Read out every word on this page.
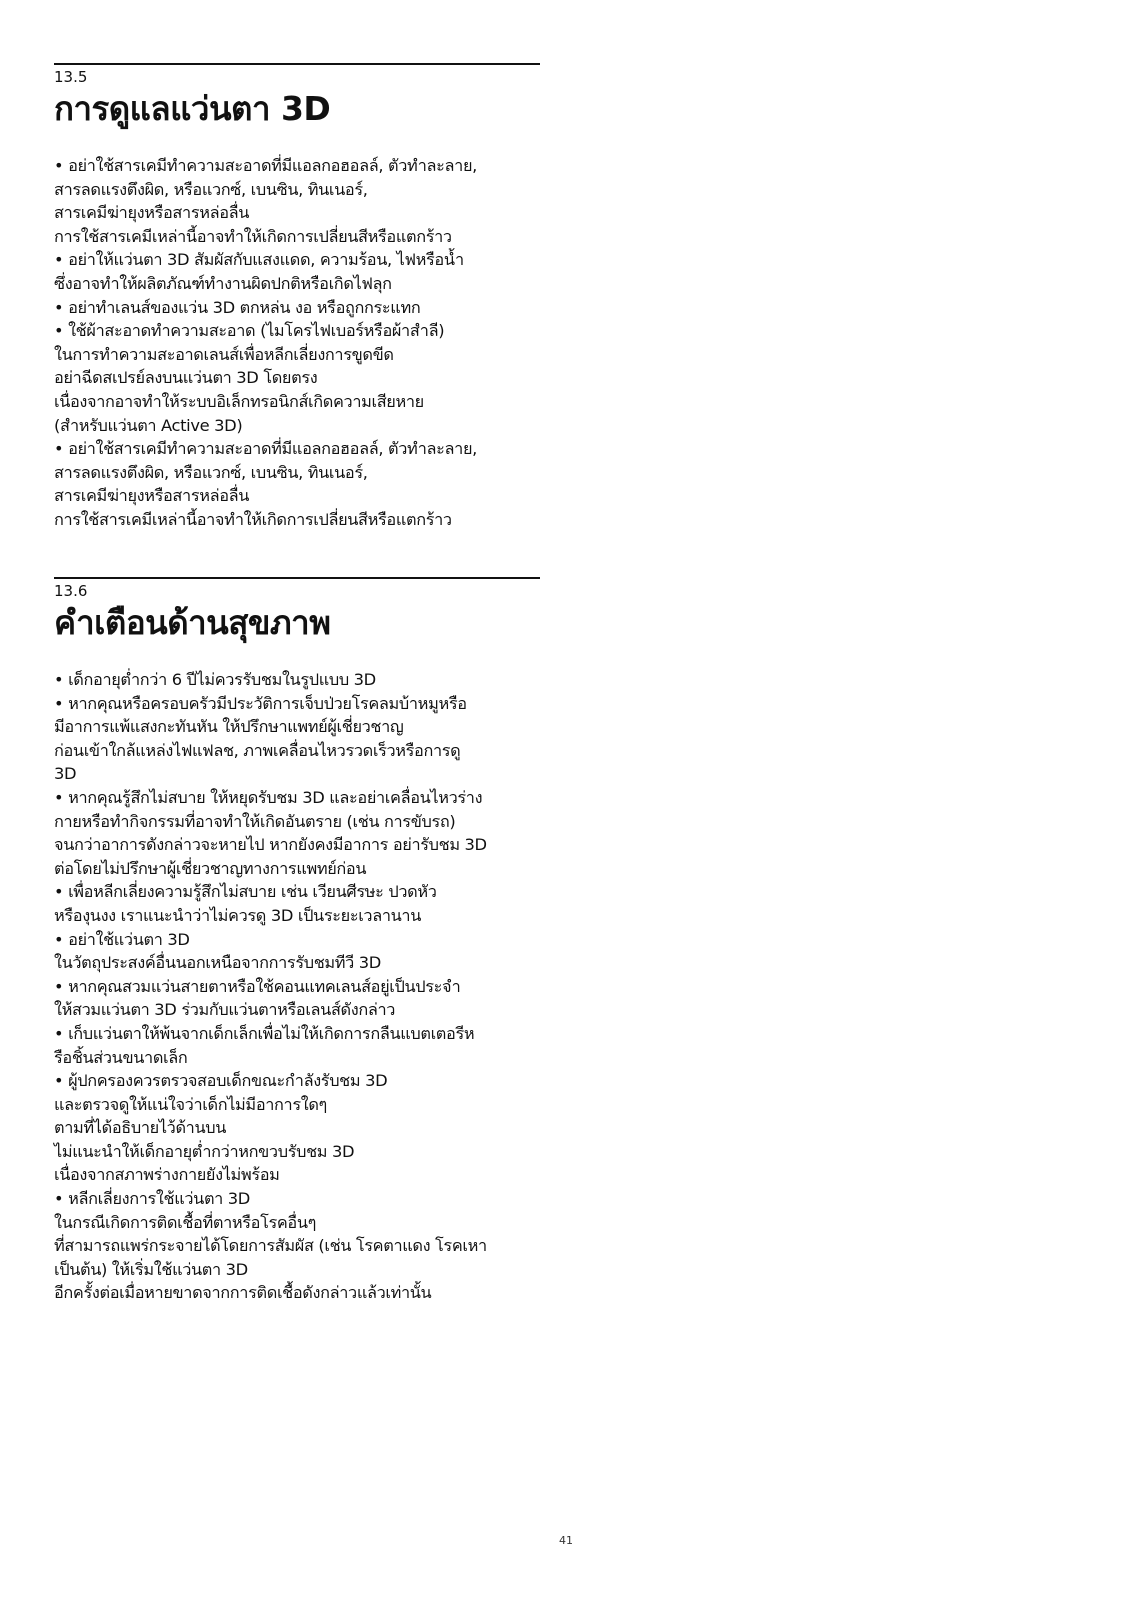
13.5
การดูแลแว่นตา 3D
• อย่าใช้สารเคมีทำความสะอาดที่มีแอลกอฮอลล์, ตัวทำละลาย,
สารลดแรงตึงผิด, หรือแวกซ์, เบนซิน, ทินเนอร์,
สารเคมีฆ่ายุงหรือสารหล่อลื่น
การใช้สารเคมีเหล่านี้อาจทำให้เกิดการเปลี่ยนสีหรือแตกร้าว
• อย่าให้แว่นตา 3D สัมผัสกับแสงแดด, ความร้อน, ไฟหรือน้ำ
ซึ่งอาจทำให้ผลิตภัณฑ์ทำงานผิดปกติหรือเกิดไฟลุก
• อย่าทำเลนส์ของแว่น 3D ตกหล่น งอ หรือถูกกระแทก
• ใช้ผ้าสะอาดทำความสะอาด (ไมโครไฟเบอร์หรือผ้าสำลี)
ในการทำความสะอาดเลนส์เพื่อหลีกเลี่ยงการขูดขีด
อย่าฉีดสเปรย์ลงบนแว่นตา 3D โดยตรง
เนื่องจากอาจทำให้ระบบอิเล็กทรอนิกส์เกิดความเสียหาย
(สำหรับแว่นตา Active 3D)
• อย่าใช้สารเคมีทำความสะอาดที่มีแอลกอฮอลล์, ตัวทำละลาย,
สารลดแรงตึงผิด, หรือแวกซ์, เบนซิน, ทินเนอร์,
สารเคมีฆ่ายุงหรือสารหล่อลื่น
การใช้สารเคมีเหล่านี้อาจทำให้เกิดการเปลี่ยนสีหรือแตกร้าว
13.6
คำเตือนด้านสุขภาพ
• เด็กอายุต่ำกว่า 6 ปีไม่ควรรับชมในรูปแบบ 3D
• หากคุณหรือครอบครัวมีประวัติการเจ็บป่วยโรคลมบ้าหมูหรือ
มีอาการแพ้แสงกะทันหัน ให้ปรึกษาแพทย์ผู้เชี่ยวชาญ
ก่อนเข้าใกล้แหล่งไฟแฟลช, ภาพเคลื่อนไหวรวดเร็วหรือการดู
3D
• หากคุณรู้สึกไม่สบาย ให้หยุดรับชม 3D และอย่าเคลื่อนไหวร่าง
กายหรือทำกิจกรรมที่อาจทำให้เกิดอันตราย (เช่น การขับรถ)
จนกว่าอาการดังกล่าวจะหายไป หากยังคงมีอาการ อย่ารับชม 3D
ต่อโดยไม่ปรึกษาผู้เชี่ยวชาญทางการแพทย์ก่อน
• เพื่อหลีกเลี่ยงความรู้สึกไม่สบาย เช่น เวียนศีรษะ ปวดหัว
หรืองุนงง เราแนะนำว่าไม่ควรดู 3D เป็นระยะเวลานาน
• อย่าใช้แว่นตา 3D
ในวัตถุประสงค์อื่นนอกเหนือจากการรับชมทีวี 3D
• หากคุณสวมแว่นสายตาหรือใช้คอนแทคเลนส์อยู่เป็นประจำ
ให้สวมแว่นตา 3D ร่วมกับแว่นตาหรือเลนส์ดังกล่าว
• เก็บแว่นตาให้พ้นจากเด็กเล็กเพื่อไม่ให้เกิดการกลืนแบตเตอรีห
รือชิ้นส่วนขนาดเล็ก
• ผู้ปกครองควรตรวจสอบเด็กขณะกำลังรับชม 3D
และตรวจดูให้แน่ใจว่าเด็กไม่มีอาการใดๆ
ตามที่ได้อธิบายไว้ด้านบน
ไม่แนะนำให้เด็กอายุต่ำกว่าหกขวบรับชม 3D
เนื่องจากสภาพร่างกายยังไม่พร้อม
• หลีกเลี่ยงการใช้แว่นตา 3D
ในกรณีเกิดการติดเชื้อที่ตาหรือโรคอื่นๆ
ที่สามารถแพร่กระจายได้โดยการสัมผัส (เช่น โรคตาแดง โรคเหา
เป็นต้น) ให้เริ่มใช้แว่นตา 3D
อีกครั้งต่อเมื่อหายขาดจากการติดเชื้อดังกล่าวแล้วเท่านั้น
41
